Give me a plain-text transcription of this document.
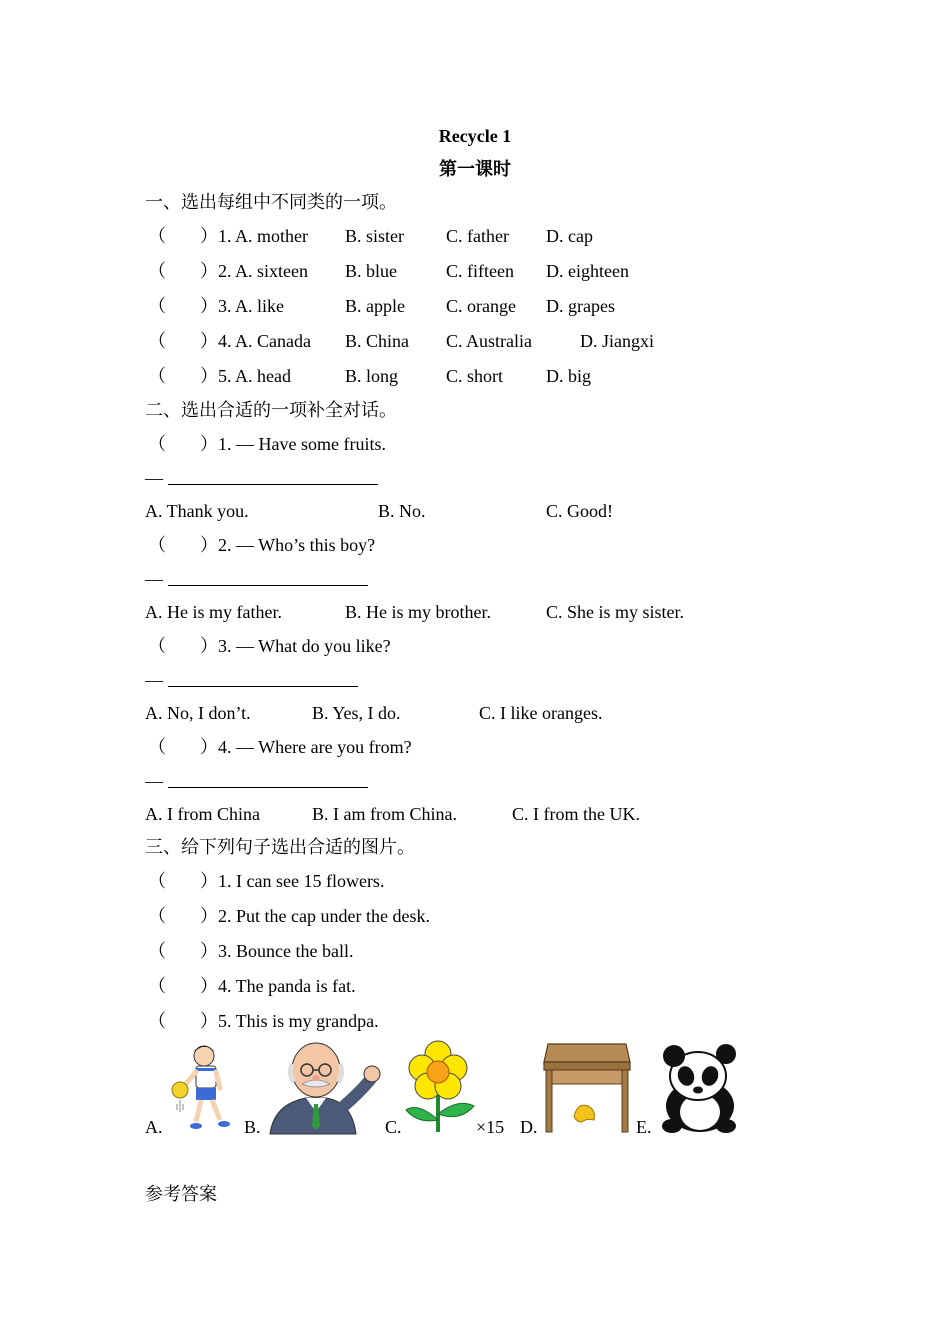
Recycle 1
第一课时
一、选出每组中不同类的一项。
（ ）1. A. mother B. sister C. father D. cap
（ ）2. A. sixteen B. blue	C. fifteen D. eighteen
（ ）3. A. like	B. apple C. orange D. grapes
（ ）4. A. Canada B. China C. Australia	D. Jiangxi
（ ）5. A. head	B. long	C. short D. big
二、选出合适的一项补全对话。
（ ）1. — Have some fruits.
—
A. Thank you.	B. No.	C. Good!
（ ）2. — Who’s this boy?
—
A. He is my father.	B. He is my brother.	C. She is my sister.
（ ）3. — What do you like?
—
A. No, I don’t.	B. Yes, I do.	C. I like oranges.
（ ）4. — Where are you from?
—
A. I from China	B. I am from China.	C. I from the UK.
三、给下列句子选出合适的图片。
（ ）1. I can see 15 flowers.
（ ）2. Put the cap under the desk.
（ ）3. Bounce the ball.
（ ）4. The panda is fat.
（ ）5. This is my grandpa.
A.	B.	C.	×15 D.	E.
参考答案
